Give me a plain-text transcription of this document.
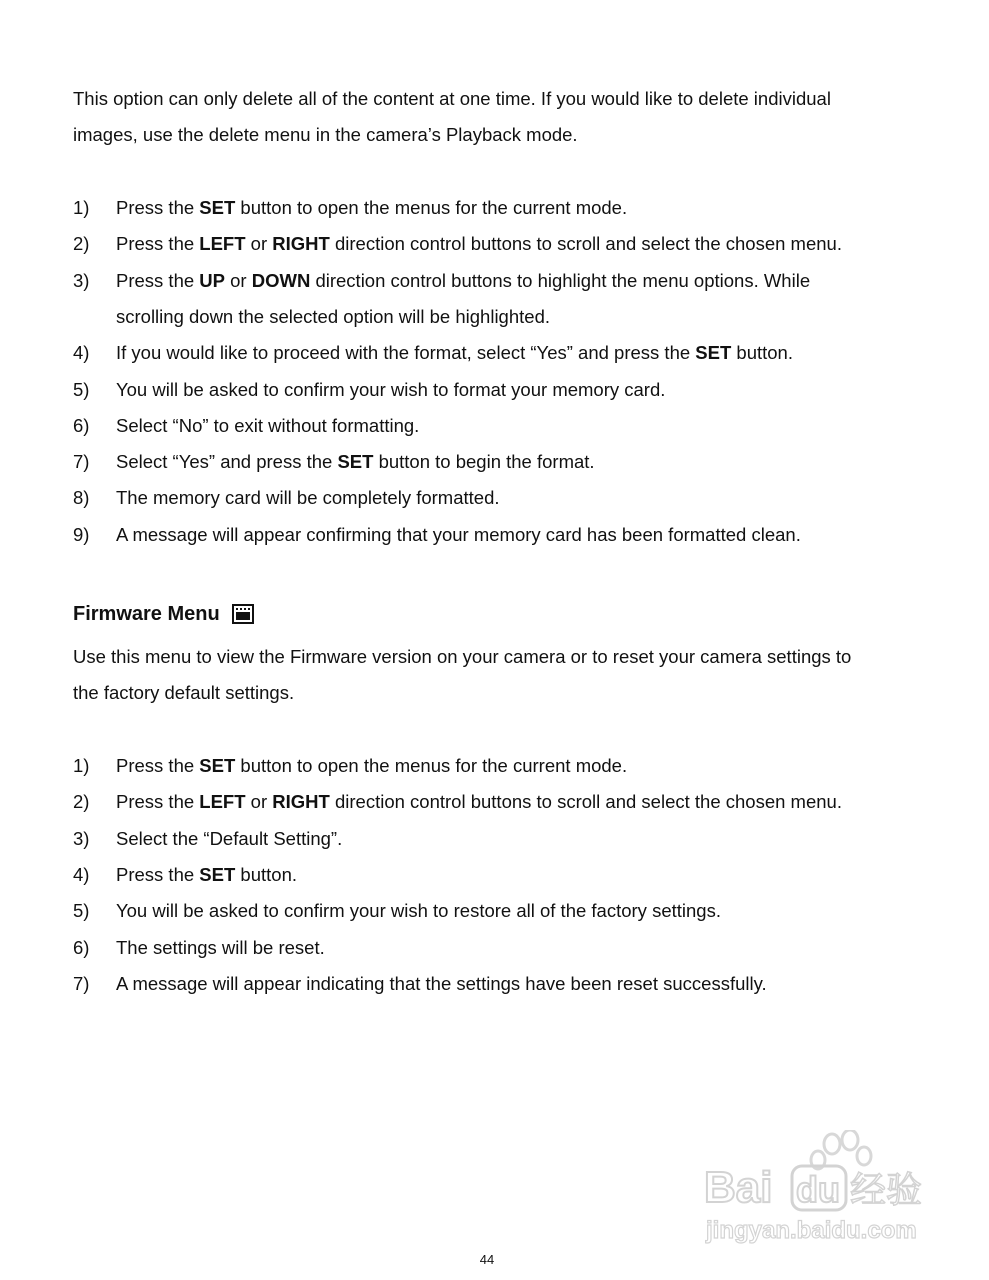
This option can only delete all of the content at one time. If you would like to delete individual

images, use the delete menu in the camera’s Playback mode.

1) Press the SET button to open the menus for the current mode.
2) Press the LEFT or RIGHT direction control buttons to scroll and select the chosen menu.
3) Press the UP or DOWN direction control buttons to highlight the menu options. While
scrolling down the selected option will be highlighted.
4) If you would like to proceed with the format, select “Yes” and press the SET button.
5) You will be asked to confirm your wish to format your memory card.
6) Select “No” to exit without formatting.
7) Select “Yes” and press the SET button to begin the format.
8) The memory card will be completely formatted.
9) A message will appear confirming that your memory card has been formatted clean.
Firmware Menu

Use this menu to view the Firmware version on your camera or to reset your camera settings to

the factory default settings.

1) Press the SET button to open the menus for the current mode.
2) Press the LEFT or RIGHT direction control buttons to scroll and select the chosen menu.
3) Select the “Default Setting”.
4) Press the SET button.
5) You will be asked to confirm your wish to restore all of the factory settings.
6) The settings will be reset.
7) A message will appear indicating that the settings have been reset successfully.
44
Bai du 经验
jingyan.baidu.com
